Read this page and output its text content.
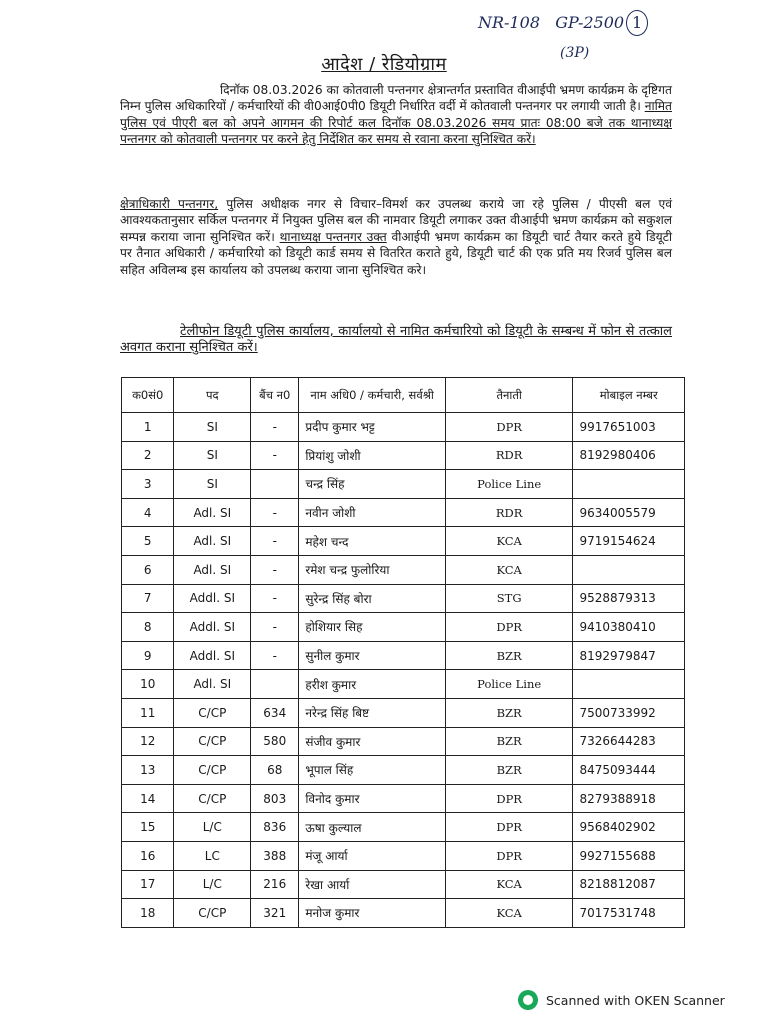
NR-108 GP-2500 1
(3P)
आदेश / रेडियोग्राम

दिनॉक 08.03.2026 का कोतवाली पन्तनगर क्षेत्रान्तर्गत प्रस्तावित वीआईपी भ्रमण कार्यक्रम के दृष्टिगत निम्न पुलिस अधिकारियों / कर्मचारियों की वी0आई0पी0 डियूटी निर्धारित वर्दी में कोतवाली पन्तनगर पर लगायी जाती है। नामित पुलिस एवं पीएरी बल को अपने आगमन की रिपोर्ट कल दिनॉक 08.03.2026 समय प्रातः 08:00 बजे तक थानाध्यक्ष पन्तनगर को कोतवाली पन्तनगर पर करने हेतु निर्देशित कर समय से रवाना करना सुनिश्चित करें।

क्षेत्राधिकारी पन्तनगर, पुलिस अधीक्षक नगर से विचार–विमर्श कर उपलब्ध कराये जा रहे पुलिस / पीएसी बल एवं आवश्यकतानुसार सर्किल पन्तनगर में नियुक्त पुलिस बल की नामवार डियूटी लगाकर उक्त वीआईपी भ्रमण कार्यक्रम को सकुशल सम्पन्न कराया जाना सुनिश्चित करें। थानाध्यक्ष पन्तनगर उक्त वीआईपी भ्रमण कार्यक्रम का डियूटी चार्ट तैयार करते हुये डियूटी पर तैनात अधिकारी / कर्मचारियो को डियूटी कार्ड समय से वितरित कराते हुये, डियूटी चार्ट की एक प्रति मय रिजर्व पुलिस बल सहित अविलम्ब इस कार्यालय को उपलब्ध कराया जाना सुनिश्चित करे।

टेलीफोन डियूटी पुलिस कार्यालय, कार्यालयो से नामित कर्मचारियो को डियूटी के सम्बन्ध में फोन से तत्काल अवगत कराना सुनिश्चित करें।

क0सं0	पद	बैंच न0	नाम अधि0 / कर्मचारी, सर्वश्री	तैनाती	मोबाइल नम्बर
1	SI	-	प्रदीप कुमार भट्ट	DPR	9917651003
2	SI	-	प्रियांशु जोशी	RDR	8192980406
3	SI		चन्द्र सिंह	Police Line	
4	Adl. SI	-	नवीन जोशी	RDR	9634005579
5	Adl. SI	-	महेश चन्द	KCA	9719154624
6	Adl. SI	-	रमेश चन्द्र फुलोरिया	KCA	
7	Addl. SI	-	सुरेन्द्र सिंह बोरा	STG	9528879313
8	Addl. SI	-	होशियार सिह	DPR	9410380410
9	Addl. SI	-	सुनील कुमार	BZR	8192979847
10	Adl. SI		हरीश कुमार	Police Line	
11	C/CP	634	नरेन्द्र सिंह बिष्ट	BZR	7500733992
12	C/CP	580	संजीव कुमार	BZR	7326644283
13	C/CP	68	भूपाल सिंह	BZR	8475093444
14	C/CP	803	विनोद कुमार	DPR	8279388918
15	L/C	836	ऊषा कुल्याल	DPR	9568402902
16	LC	388	मंजू आर्या	DPR	9927155688
17	L/C	216	रेखा आर्या	KCA	8218812087
18	C/CP	321	मनोज कुमार	KCA	7017531748
Scanned with OKEN Scanner
